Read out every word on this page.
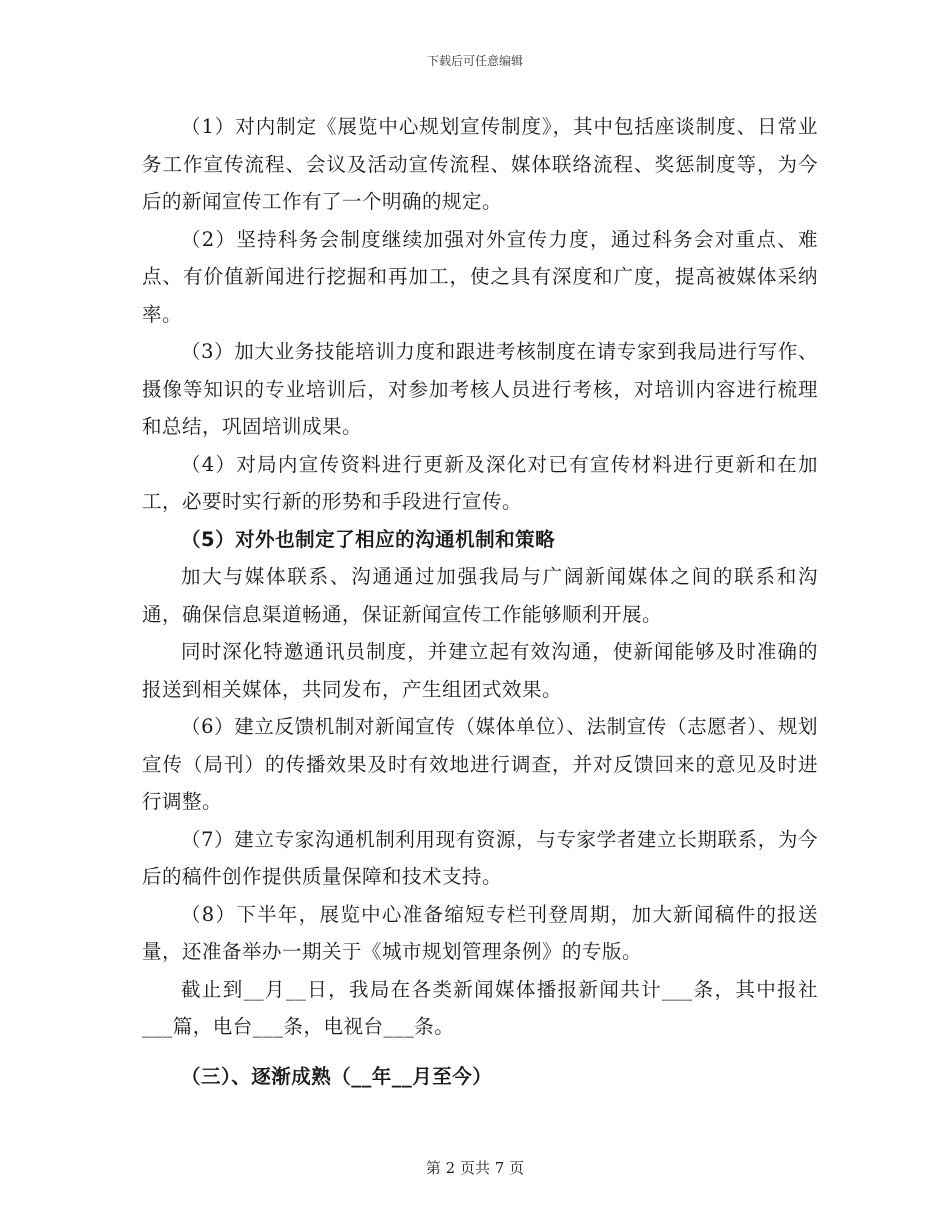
下载后可任意编辑

（1）对内制定《展览中心规划宣传制度》，其中包括座谈制度、日常业务工作宣传流程、会议及活动宣传流程、媒体联络流程、奖惩制度等，为今后的新闻宣传工作有了一个明确的规定。

（2）坚持科务会制度继续加强对外宣传力度，通过科务会对重点、难点、有价值新闻进行挖掘和再加工，使之具有深度和广度，提高被媒体采纳率。

（3）加大业务技能培训力度和跟进考核制度在请专家到我局进行写作、摄像等知识的专业培训后，对参加考核人员进行考核，对培训内容进行梳理和总结，巩固培训成果。

（4）对局内宣传资料进行更新及深化对已有宣传材料进行更新和在加工，必要时实行新的形势和手段进行宣传。

（5）对外也制定了相应的沟通机制和策略

加大与媒体联系、沟通通过加强我局与广阔新闻媒体之间的联系和沟通，确保信息渠道畅通，保证新闻宣传工作能够顺利开展。

同时深化特邀通讯员制度，并建立起有效沟通，使新闻能够及时准确的报送到相关媒体，共同发布，产生组团式效果。

（6）建立反馈机制对新闻宣传（媒体单位）、法制宣传（志愿者）、规划宣传（局刊）的传播效果及时有效地进行调查，并对反馈回来的意见及时进行调整。

（7）建立专家沟通机制利用现有资源，与专家学者建立长期联系，为今后的稿件创作提供质量保障和技术支持。

（8）下半年，展览中心准备缩短专栏刊登周期，加大新闻稿件的报送量，还准备举办一期关于《城市规划管理条例》的专版。

截止到__月__日，我局在各类新闻媒体播报新闻共计___条，其中报社___篇，电台___条，电视台___条。

（三）、逐渐成熟（__年__月至今）

第 2 页共 7 页
